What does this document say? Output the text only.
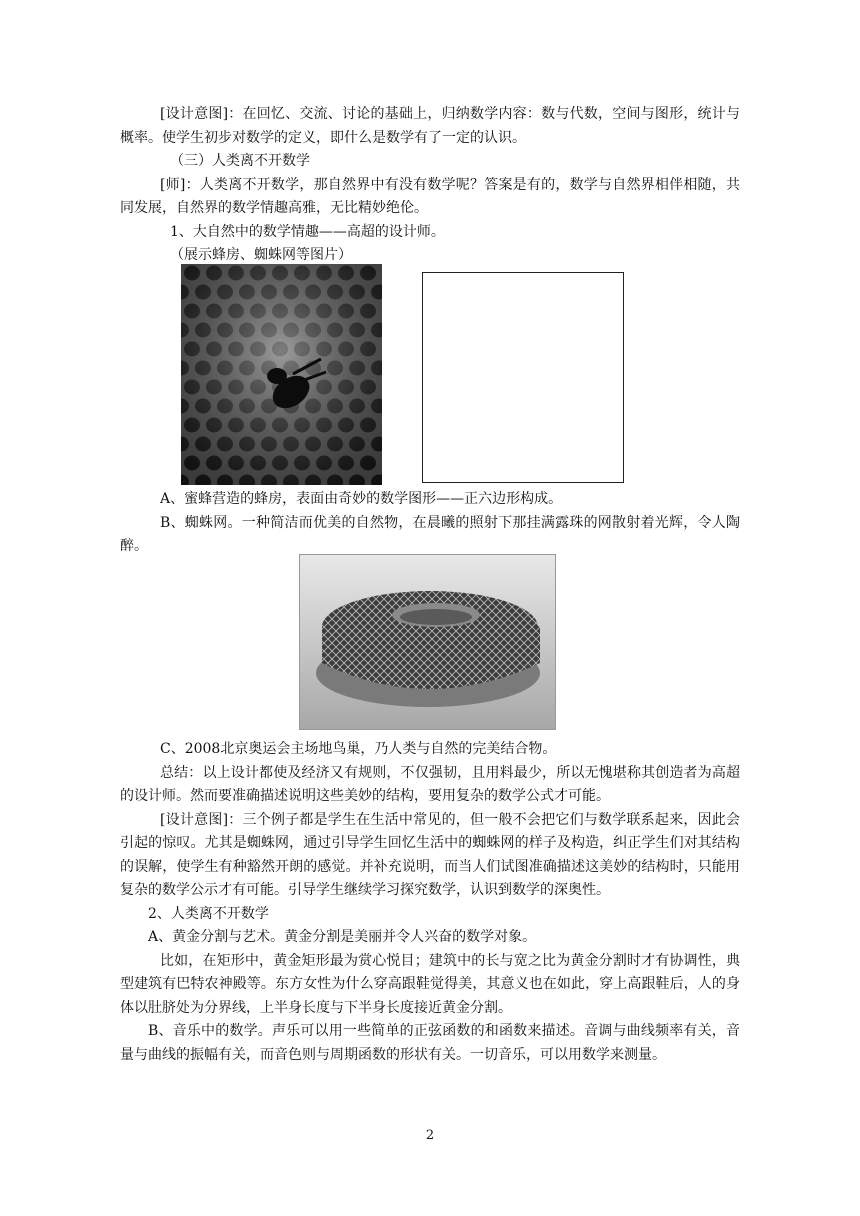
[设计意图]：在回忆、交流、讨论的基础上，归纳数学内容：数与代数，空间与图形，统计与概率。使学生初步对数学的定义，即什么是数学有了一定的认识。

（三）人类离不开数学

[师]：人类离不开数学，那自然界中有没有数学呢？答案是有的，数学与自然界相伴相随，共同发展，自然界的数学情趣高雅，无比精妙绝伦。

1、大自然中的数学情趣——高超的设计师。

（展示蜂房、蜘蛛网等图片）

A、蜜蜂营造的蜂房，表面由奇妙的数学图形——正六边形构成。

B、蜘蛛网。一种简洁而优美的自然物，在晨曦的照射下那挂满露珠的网散射着光辉，令人陶醉。

C、2008北京奥运会主场地鸟巢，乃人类与自然的完美结合物。

总结：以上设计都使及经济又有规则，不仅强韧，且用料最少，所以无愧堪称其创造者为高超的设计师。然而要准确描述说明这些美妙的结构，要用复杂的数学公式才可能。

[设计意图]：三个例子都是学生在生活中常见的，但一般不会把它们与数学联系起来，因此会引起的惊叹。尤其是蜘蛛网，通过引导学生回忆生活中的蜘蛛网的样子及构造，纠正学生们对其结构的误解，使学生有种豁然开朗的感觉。并补充说明，而当人们试图准确描述这美妙的结构时，只能用复杂的数学公示才有可能。引导学生继续学习探究数学，认识到数学的深奥性。

2、人类离不开数学

A、黄金分割与艺术。黄金分割是美丽并令人兴奋的数学对象。

比如，在矩形中，黄金矩形最为赏心悦目；建筑中的长与宽之比为黄金分割时才有协调性，典型建筑有巴特农神殿等。东方女性为什么穿高跟鞋觉得美，其意义也在如此，穿上高跟鞋后，人的身体以肚脐处为分界线，上半身长度与下半身长度接近黄金分割。

B、音乐中的数学。声乐可以用一些简单的正弦函数的和函数来描述。音调与曲线频率有关，音量与曲线的振幅有关，而音色则与周期函数的形状有关。一切音乐，可以用数学来测量。

2
